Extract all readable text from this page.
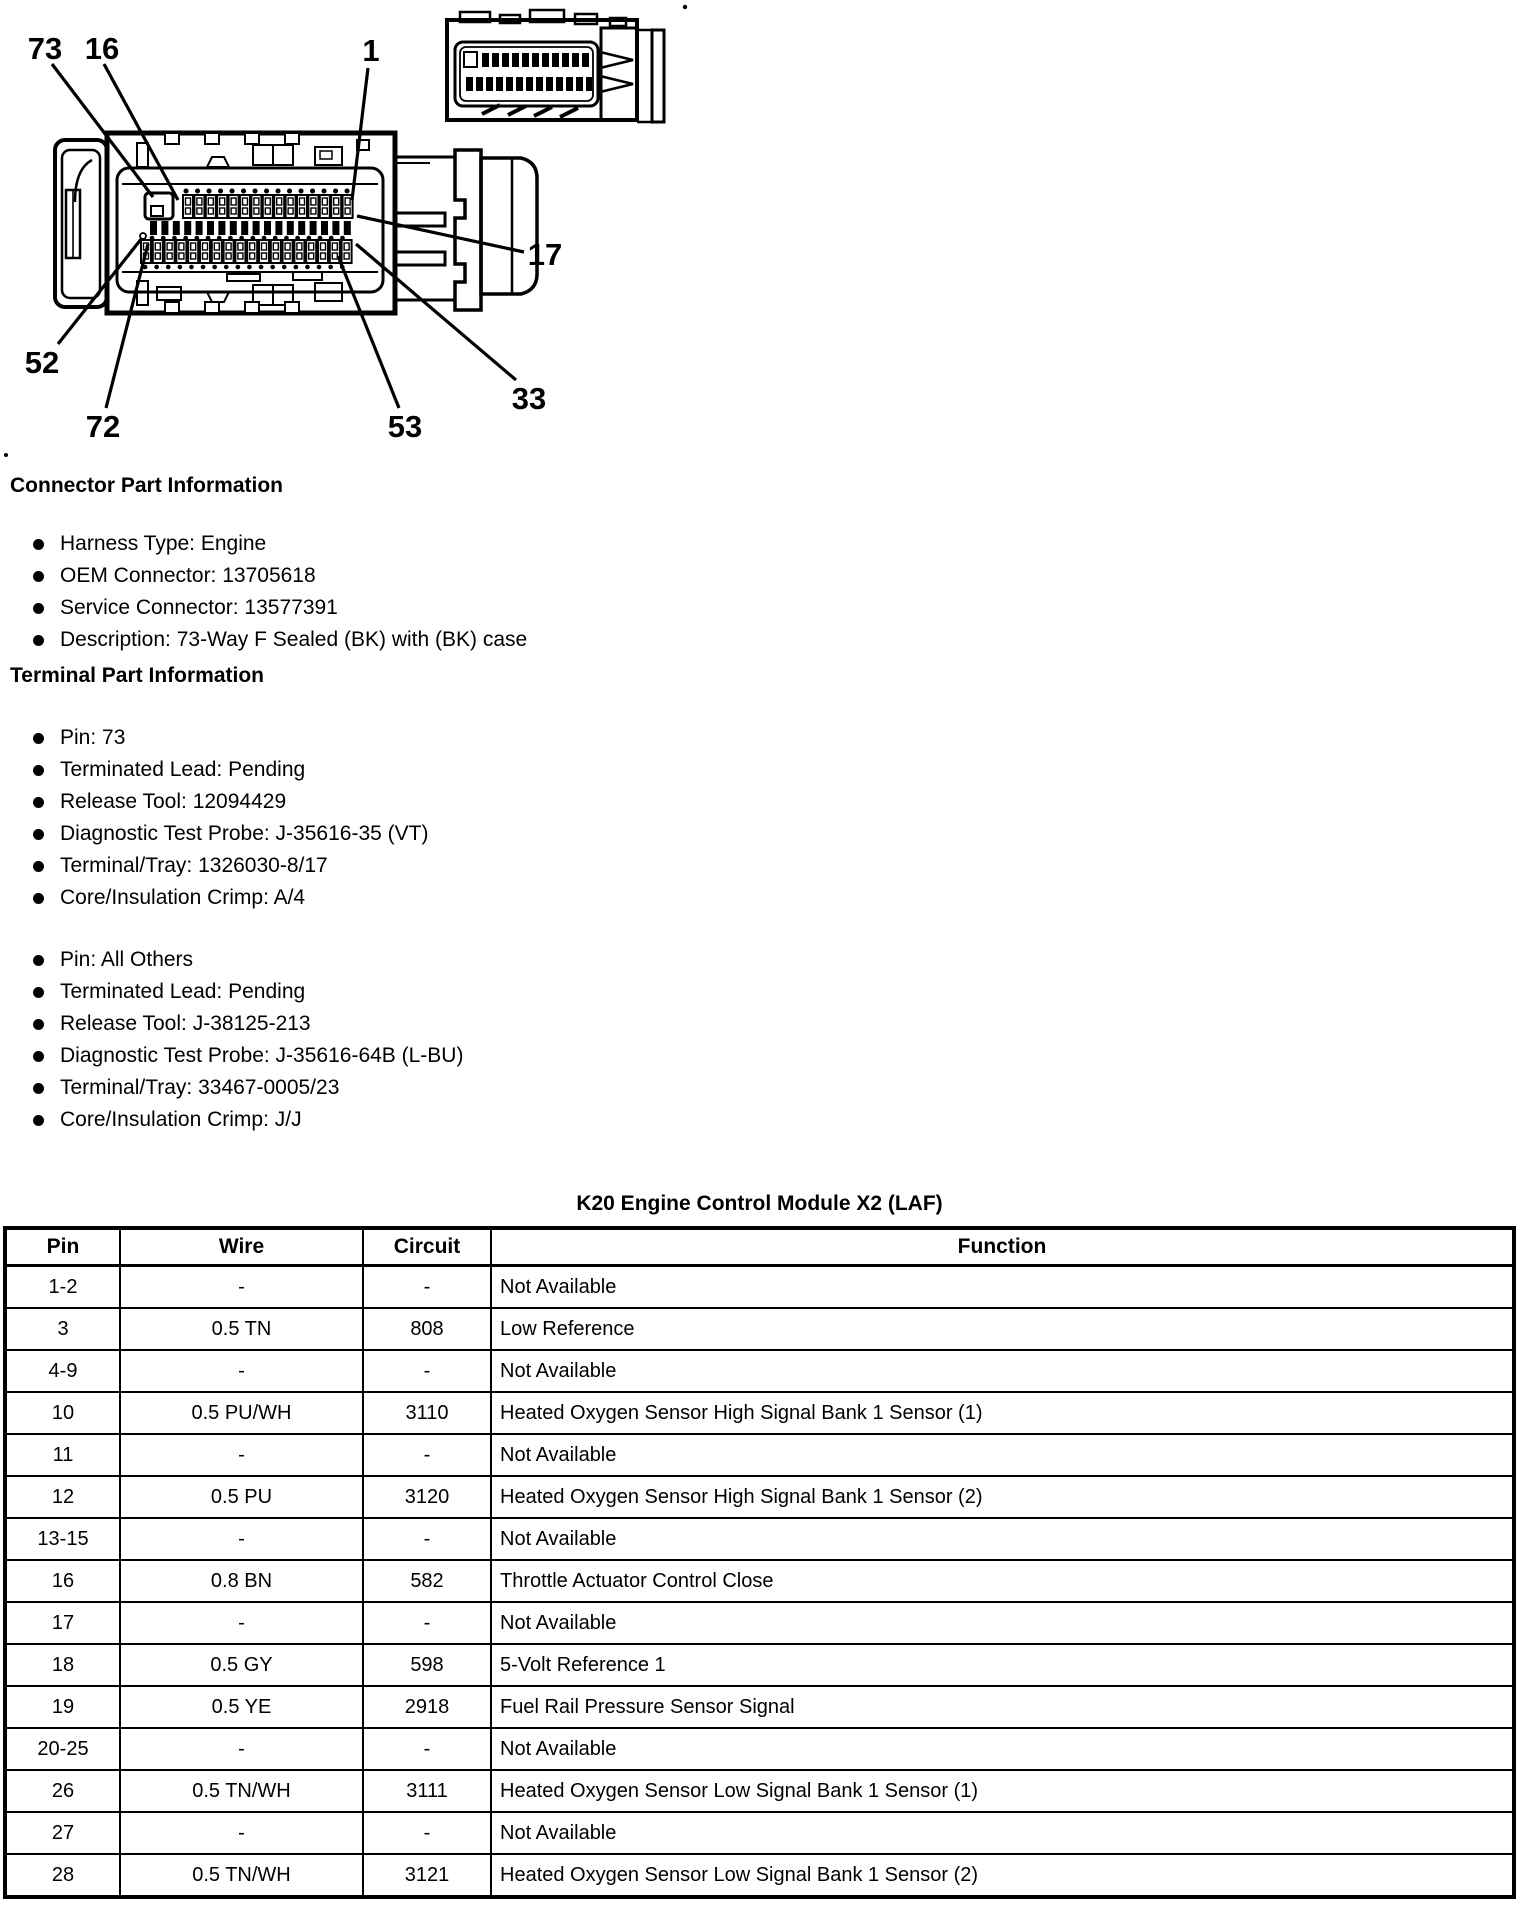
73 16	1
17
52
72	53
33
Connector Part Information
Harness Type: Engine
OEM Connector: 13705618
Service Connector: 13577391
Description: 73-Way F Sealed (BK) with (BK) case
Terminal Part Information
Pin: 73
Terminated Lead: Pending
Release Tool: 12094429
Diagnostic Test Probe: J-35616-35 (VT)
Terminal/Tray: 1326030-8/17
Core/Insulation Crimp: A/4
Pin: All Others
Terminated Lead: Pending
Release Tool: J-38125-213
Diagnostic Test Probe: J-35616-64B (L-BU)
Terminal/Tray: 33467-0005/23
Core/Insulation Crimp: J/J
K20 Engine Control Module X2 (LAF)
Pin	Wire	Circuit	Function
1-2	-	-	Not Available
3	0.5 TN	808	Low Reference
4-9	-	-	Not Available
10	0.5 PU/WH	3110	Heated Oxygen Sensor High Signal Bank 1 Sensor (1)
11	-	-	Not Available
12	0.5 PU	3120	Heated Oxygen Sensor High Signal Bank 1 Sensor (2)
13-15	-	-	Not Available
16	0.8 BN	582	Throttle Actuator Control Close
17	-	-	Not Available
18	0.5 GY	598	5-Volt Reference 1
19	0.5 YE	2918	Fuel Rail Pressure Sensor Signal
20-25	-	-	Not Available
26	0.5 TN/WH	3111	Heated Oxygen Sensor Low Signal Bank 1 Sensor (1)
27	-	-	Not Available
28	0.5 TN/WH	3121	Heated Oxygen Sensor Low Signal Bank 1 Sensor (2)
